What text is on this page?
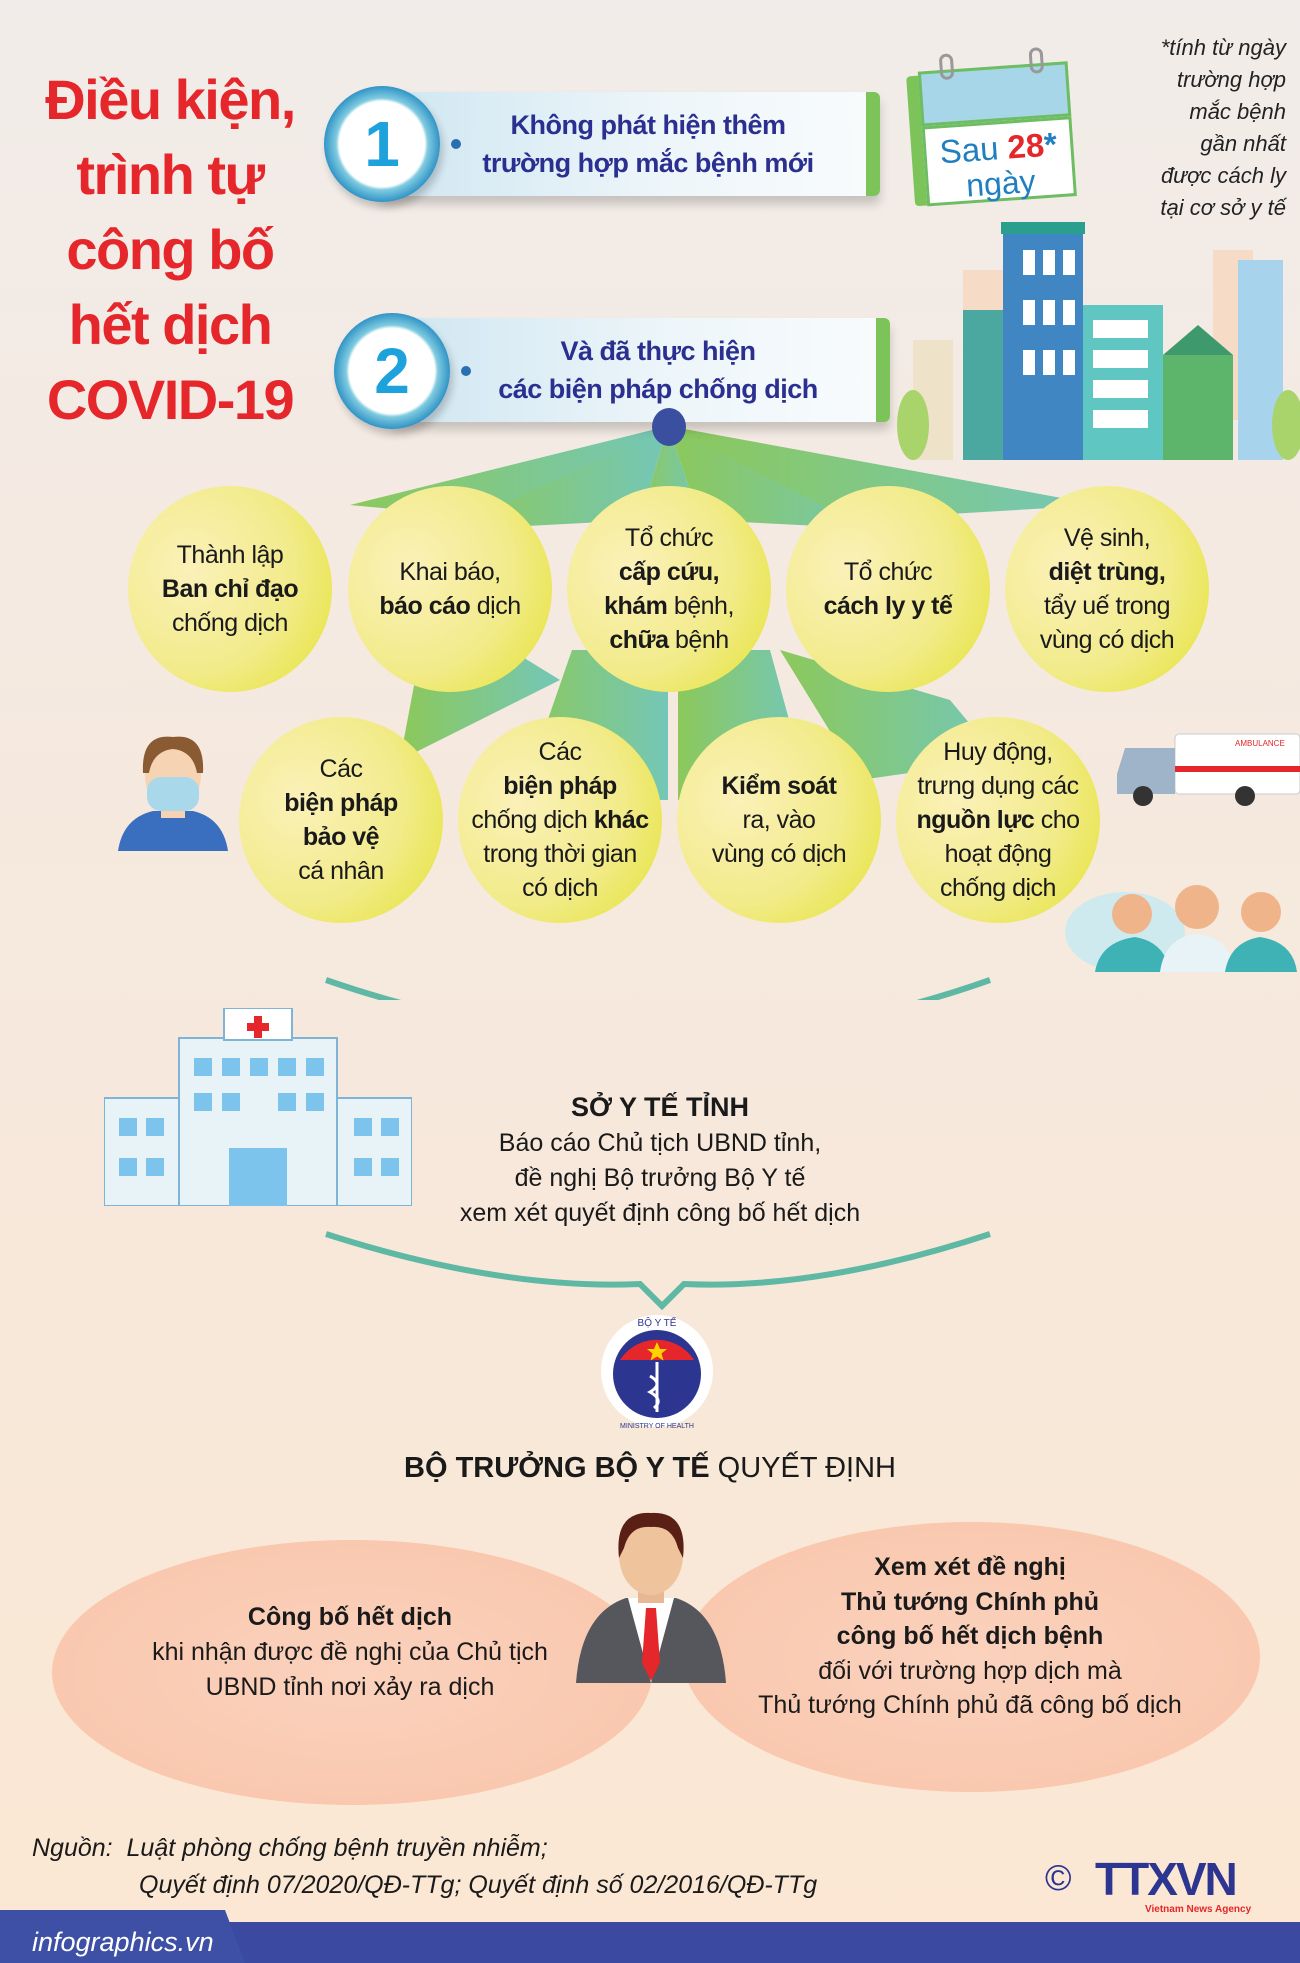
Điều kiện,
trình tự
công bố
hết dịch
COVID-19
Không phát hiện thêm
trường hợp mắc bệnh mới
1
Và đã thực hiện
các biện pháp chống dịch
2
Sau 28*
ngày
*tính từ ngày
trường hợp
mắc bệnh
gần nhất
được cách ly
tại cơ sở y tế
Thành lập
Ban chỉ đạo
chống dịch
Khai báo,
báo cáo dịch
Tổ chức
cấp cứu,
khám bệnh,
chữa bệnh
Tổ chức
cách ly y tế
Vệ sinh,
diệt trùng,
tẩy uế trong
vùng có dịch
Các
biện pháp
bảo vệ
cá nhân
Các
biện pháp
chống dịch khác
trong thời gian
có dịch
Kiểm soát
ra, vào
vùng có dịch
Huy động,
trưng dụng các
nguồn lực cho
hoạt động
chống dịch
AMBULANCE
SỞ Y TẾ TỈNH
Báo cáo Chủ tịch UBND tỉnh,
đề nghị Bộ trưởng Bộ Y tế
xem xét quyết định công bố hết dịch
BỘ Y TẾ
MINISTRY OF HEALTH
BỘ TRƯỞNG BỘ Y TẾ QUYẾT ĐỊNH
Công bố hết dịch
khi nhận được đề nghị của Chủ tịch
UBND tỉnh nơi xảy ra dịch
Xem xét đề nghị
Thủ tướng Chính phủ
công bố hết dịch bệnh
đối với trường hợp dịch mà
Thủ tướng Chính phủ đã công bố dịch
Nguồn: Luật phòng chống bệnh truyền nhiễm;
Quyết định 07/2020/QĐ-TTg; Quyết định số 02/2016/QĐ-TTg	© TTXVN
Vietnam News Agency
infographics.vn
